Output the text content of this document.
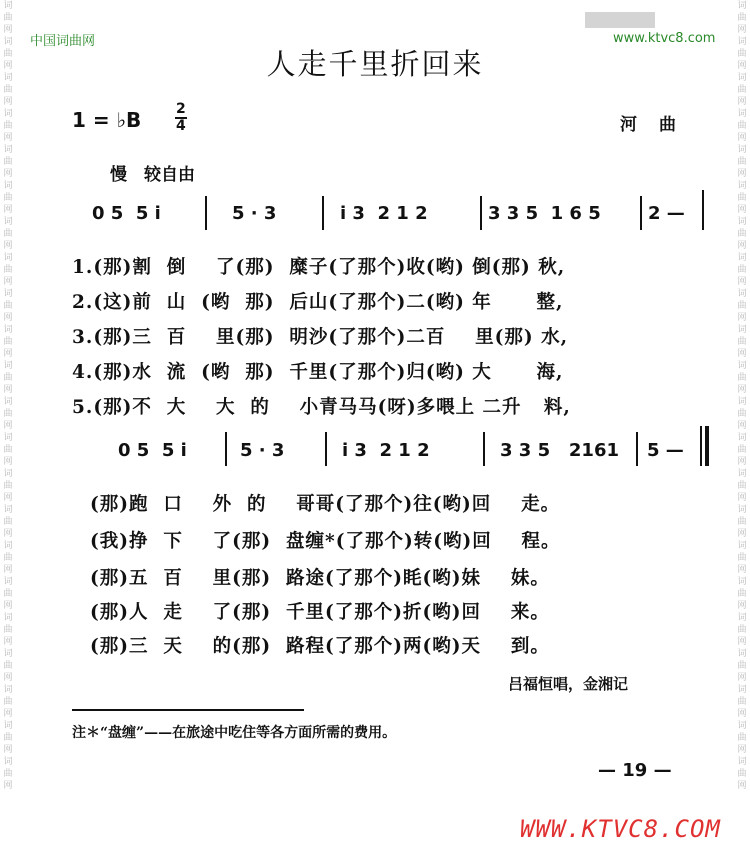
词曲网词曲网词曲网词曲网词曲网词曲网词曲网词曲网词曲网词曲网词曲网词曲网词曲网词曲网词曲网词曲网词曲网词曲网词曲网词曲网词曲网词曲网
词曲网词曲网词曲网词曲网词曲网词曲网词曲网词曲网词曲网词曲网词曲网词曲网词曲网词曲网词曲网词曲网词曲网词曲网词曲网词曲网词曲网词曲网
中国词曲网	www.ktvc8.com
人走千里折回来
1 = ♭B $\frac{2}{4}$	河曲
慢　较自由
0 5  5 i	5 · 3	i 3  2 1 2	3 3 5  1 6 5	2 —
1.(那)割  倒    了(那)  糜子(了那个)收(哟) 倒(那) 秋,
2.(这)前  山  (哟  那)  后山(了那个)二(哟) 年      整,
3.(那)三  百    里(那)  明沙(了那个)二百    里(那) 水,
4.(那)水  流  (哟  那)  千里(了那个)归(哟) 大      海,
5.(那)不  大    大  的    小青马马(呀)多喂上 二升   料,
0 5  5 i	5 · 3	i 3  2 1 2	3 3 5   2161 5 —
(那)跑  口    外  的    哥哥(了那个)往(哟)回    走。
(我)挣  下    了(那)  盘缠*(了那个)转(哟)回    程。
(那)五  百    里(那)  路途(了那个)眊(哟)妹    妹。
(那)人  走    了(那)  千里(了那个)折(哟)回    来。
(那)三  天    的(那)  路程(了那个)两(哟)天    到。
吕福恒唱，金湘记
注＊“盘缠”——在旅途中吃住等各方面所需的费用。
— 19 —
WWW.KTVC8.COM
